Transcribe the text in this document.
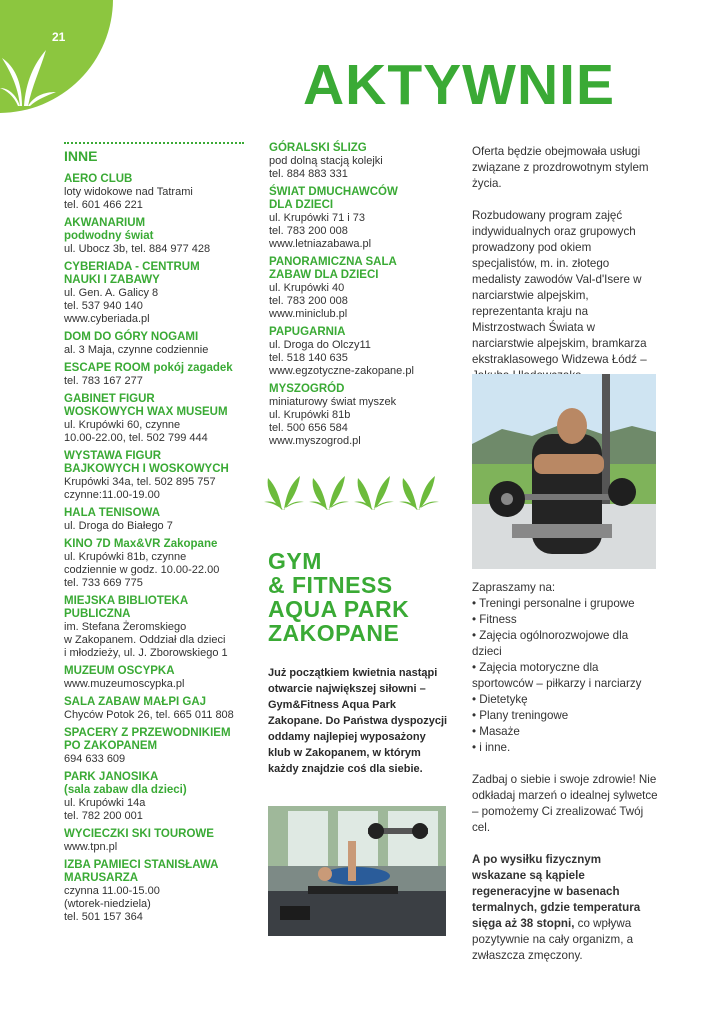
21
AKTYWNIE
INNE
AERO CLUB
loty widokowe nad Tatrami
tel. 601 466 221
AKWANARIUM
podwodny świat
ul. Ubocz 3b, tel. 884 977 428
CYBERIADA - CENTRUM
NAUKI I ZABAWY
ul. Gen. A. Galicy 8
tel. 537 940 140
www.cyberiada.pl
DOM DO GÓRY NOGAMI
al. 3 Maja, czynne codziennie
ESCAPE ROOM pokój zagadek
tel. 783 167 277
GABINET FIGUR
WOSKOWYCH WAX MUSEUM
ul. Krupówki 60, czynne
10.00-22.00, tel. 502 799 444
WYSTAWA FIGUR
BAJKOWYCH I WOSKOWYCH
Krupówki 34a, tel. 502 895 757
czynne:11.00-19.00
HALA TENISOWA
ul. Droga do Białego 7
KINO 7D Max&VR Zakopane
ul. Krupówki 81b, czynne
codziennie w godz. 10.00-22.00
tel. 733 669 775
MIEJSKA BIBLIOTEKA
PUBLICZNA
im. Stefana Żeromskiego
w Zakopanem. Oddział dla dzieci
i młodzieży, ul. J. Zborowskiego 1
MUZEUM OSCYPKA
www.muzeumoscypka.pl
SALA ZABAW MAŁPI GAJ
Chyców Potok 26, tel. 665 011 808
SPACERY Z PRZEWODNIKIEM
PO ZAKOPANEM
694 633 609
PARK JANOSIKA
(sala zabaw dla dzieci)
ul. Krupówki 14a
tel. 782 200 001
WYCIECZKI SKI TOUROWE
www.tpn.pl
IZBA PAMIECI STANISŁAWA
MARUSARZA
czynna 11.00-15.00
(wtorek-niedziela)
tel. 501 157 364
GÓRALSKI ŚLIZG
pod dolną stacją kolejki
tel. 884 883 331
ŚWIAT DMUCHAWCÓW
DLA DZIECI
ul. Krupówki 71 i 73
tel. 783 200 008
www.letniazabawa.pl
PANORAMICZNA SALA
ZABAW DLA DZIECI
ul. Krupówki 40
tel. 783 200 008
www.miniclub.pl
PAPUGARNIA
ul. Droga do Olczy11
tel. 518 140 635
www.egzotyczne-zakopane.pl
MYSZOGRÓD
miniaturowy świat myszek
ul. Krupówki 81b
tel. 500 656 584
www.myszogrod.pl
GYM
& FITNESS
AQUA PARK
ZAKOPANE
Już początkiem kwietnia nastąpi otwarcie największej siłowni – Gym&Fitness Aqua Park Zakopane. Do Państwa dyspozycji oddamy najlepiej wyposażony klub w Zakopanem, w którym każdy znajdzie coś dla siebie.

Oferta będzie obejmowała usługi związane z prozdrowotnym stylem życia.

Rozbudowany program zajęć indywidualnych oraz grupowych prowadzony pod okiem specjalistów, m. in. złotego medalisty zawodów Val-d'Isere w narciarstwie alpejskim, reprezentanta kraju na Mistrzostwach Świata w narciarstwie alpejskim, bramkarza ekstraklasowego Widzewa Łódź –

Zapraszamy na:
• Treningi personalne i grupowe
• Fitness
• Zajęcia ogólnorozwojowe dla dzieci
• Zajęcia motoryczne dla sportowców – piłkarzy i narciarzy
• Dietetykę
• Plany treningowe
• Masaże
• i inne.

Zadbaj o siebie i swoje zdrowie! Nie odkładaj marzeń o idealnej sylwetce – pomożemy Ci zrealizować Twój cel.

A po wysiłku fizycznym wskazane są kąpiele regeneracyjne w basenach termalnych, gdzie temperatura sięga aż 38 stopni, co wpływa pozytywnie na cały organizm, a zwłaszcza zmęczony.
